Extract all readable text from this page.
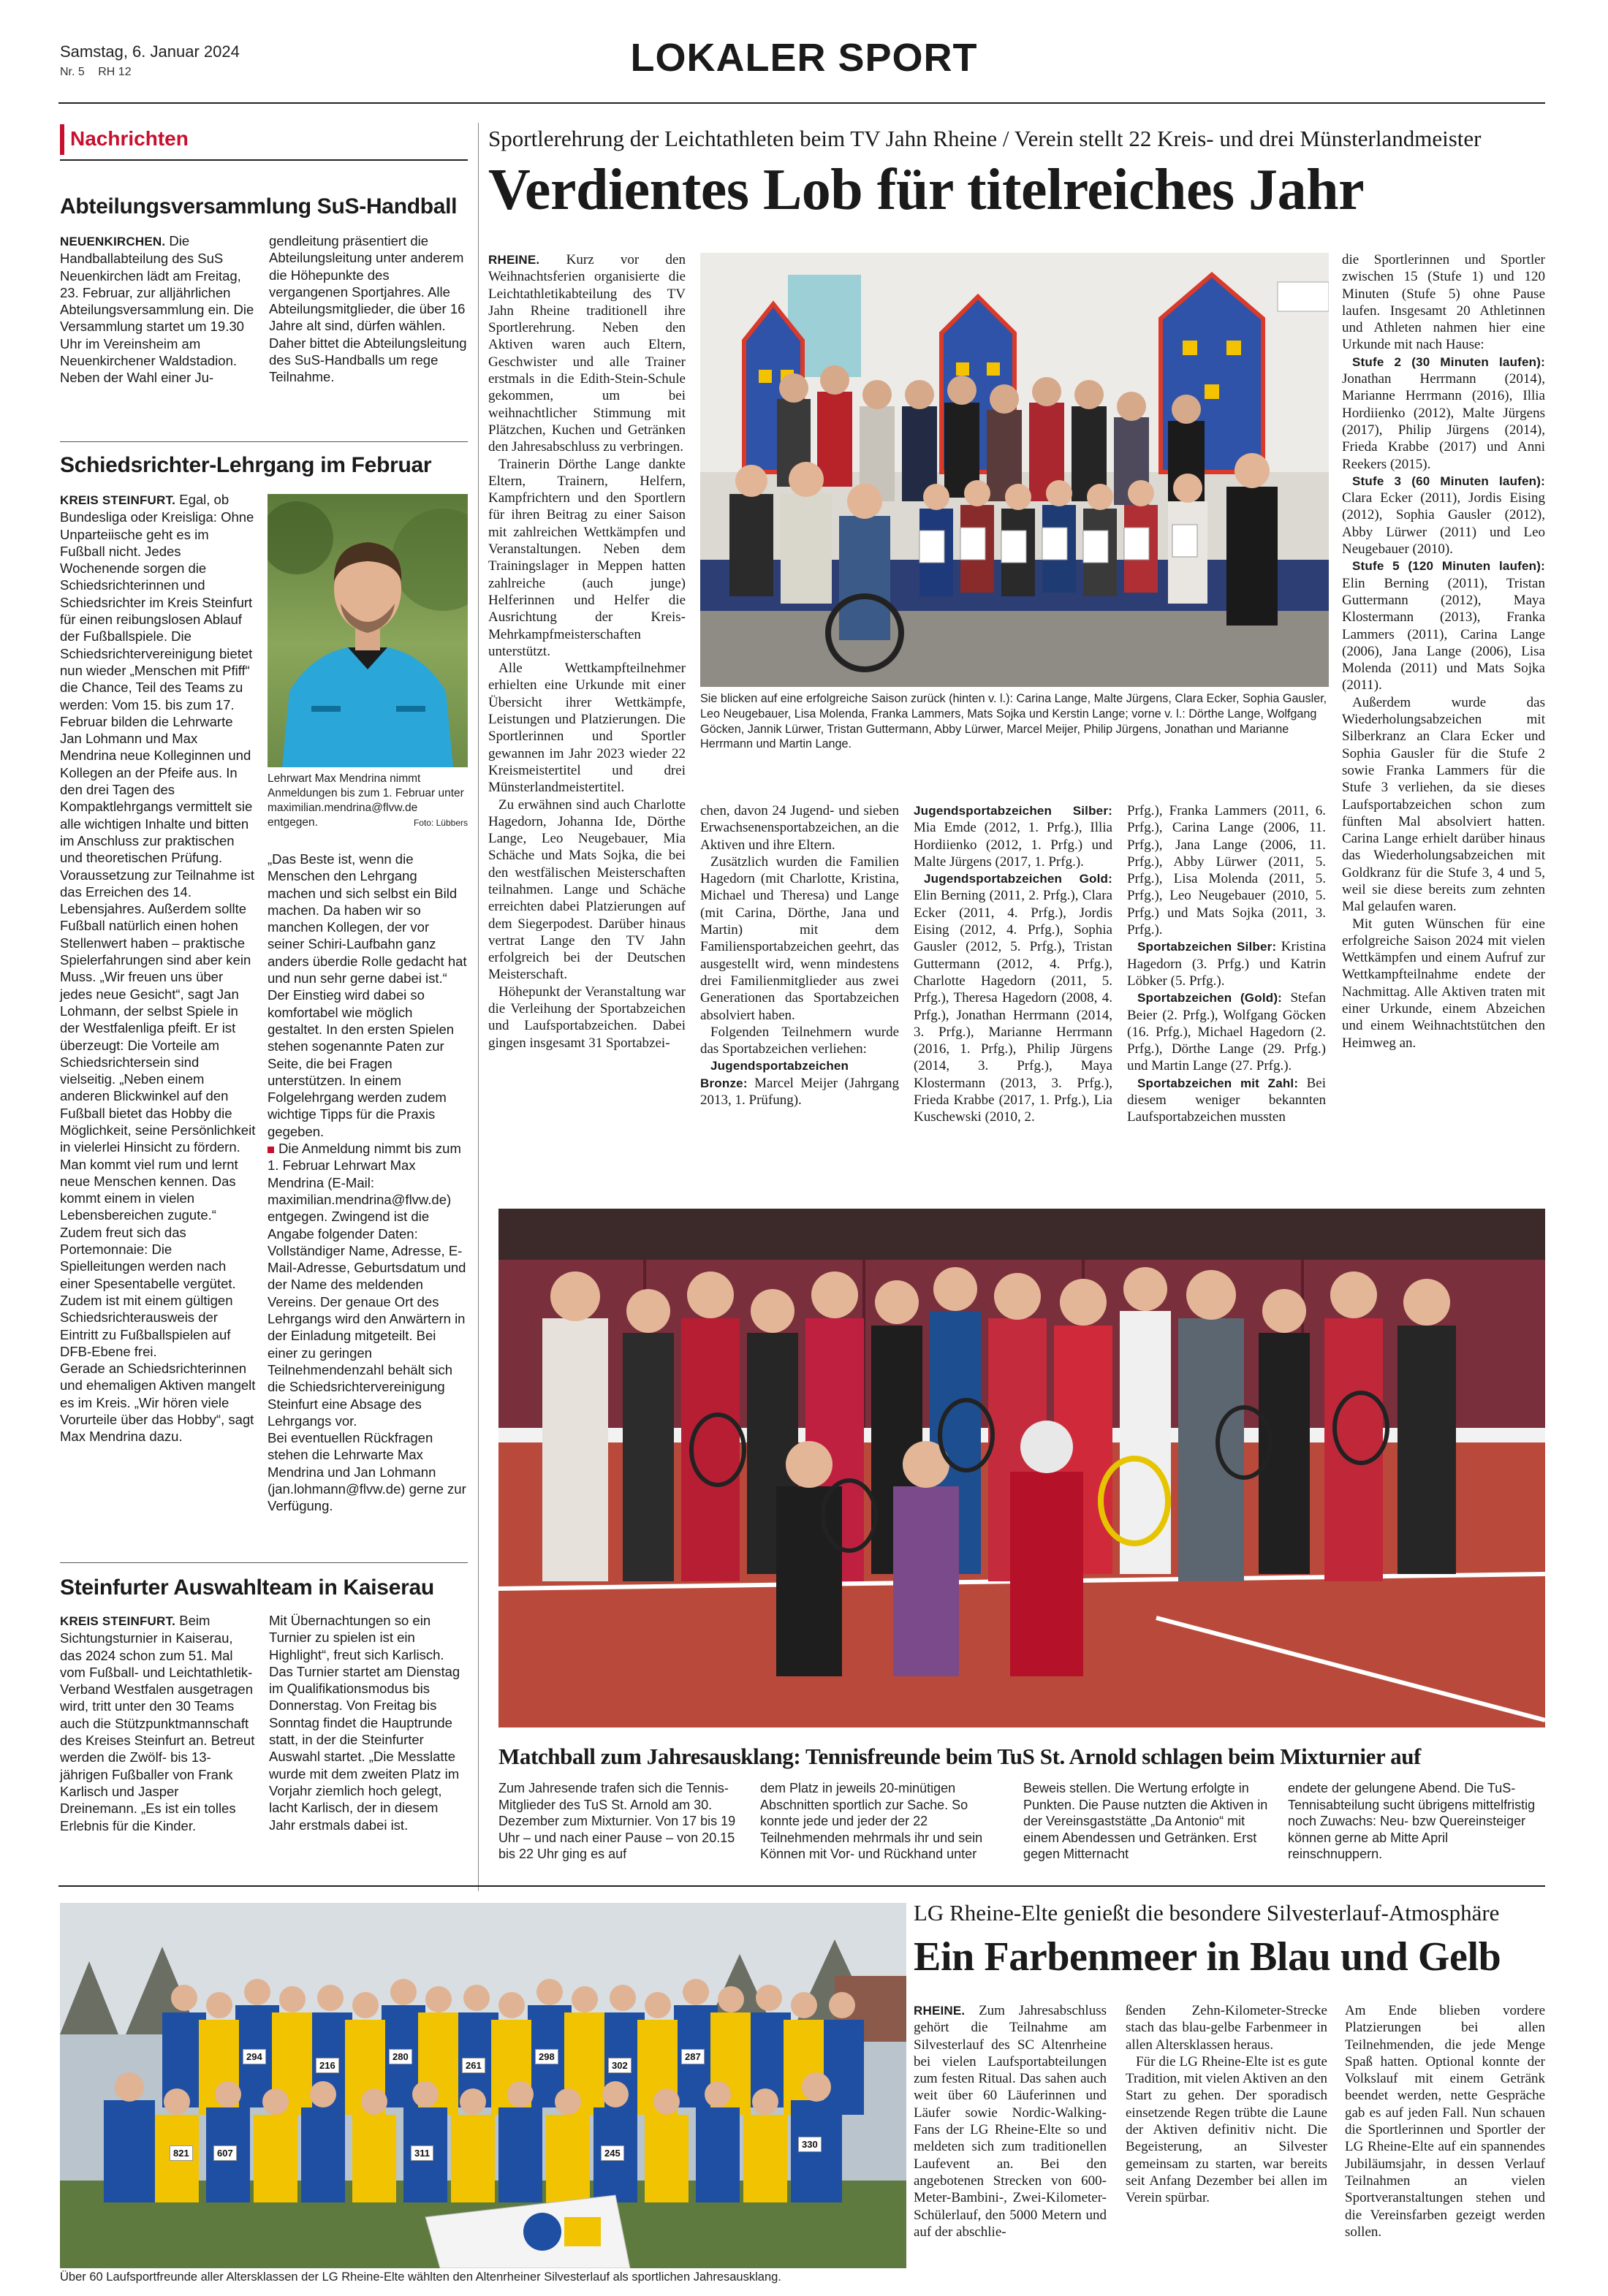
Samstag, 6. Januar 2024
Nr. 5 RH 12	LOKALER SPORT
Nachrichten
Abteilungsversammlung SuS-Handball

NEUENKIRCHEN. Die Handballabteilung des SuS Neuenkirchen lädt am Freitag, 23. Februar, zur alljährlichen Abteilungsversammlung ein. Die Versammlung startet um 19.30 Uhr im Vereinsheim am Neuenkirchener Waldstadion. Neben der Wahl einer Ju-

gendleitung präsentiert die Abteilungsleitung unter anderem die Höhepunkte des vergangenen Sportjahres. Alle Abteilungsmitglieder, die über 16 Jahre alt sind, dürfen wählen. Daher bittet die Abteilungsleitung des SuS-Handballs um rege Teilnahme.

Schiedsrichter-Lehrgang im Februar

KREIS STEINFURT. Egal, ob Bundesliga oder Kreisliga: Ohne Unparteiische geht es im Fußball nicht. Jedes Wochenende sorgen die Schiedsrichterinnen und Schiedsrichter im Kreis Steinfurt für einen reibungslosen Ablauf der Fußballspiele. Die Schiedsrichtervereinigung bietet nun wieder „Menschen mit Pfiff“ die Chance, Teil des Teams zu werden: Vom 15. bis zum 17. Februar bilden die Lehrwarte Jan Lohmann und Max Mendrina neue Kolleginnen und Kollegen an der Pfeife aus. In den drei Tagen des Kompaktlehrgangs vermittelt sie alle wichtigen Inhalte und bitten im Anschluss zur praktischen und theoretischen Prüfung.

Voraussetzung zur Teilnahme ist das Erreichen des 14. Lebensjahres. Außerdem sollte Fußball natürlich einen hohen Stellenwert haben – praktische Spielerfahrungen sind aber kein Muss. „Wir freuen uns über jedes neue Gesicht“, sagt Jan Lohmann, der selbst Spiele in der Westfalenliga pfeift. Er ist überzeugt: Die Vorteile am Schiedsrichtersein sind vielseitig. „Neben einem anderen Blickwinkel auf den Fußball bietet das Hobby die Möglichkeit, seine Persönlichkeit in vielerlei Hinsicht zu fördern. Man kommt viel rum und lernt neue Menschen kennen. Das kommt einem in vielen Lebensbereichen zugute.“ Zudem freut sich das Portemonnaie: Die Spielleitungen werden nach einer Spesentabelle vergütet. Zudem ist mit einem gültigen Schiedsrichterausweis der Eintritt zu Fußballspielen auf DFB-Ebene frei.

Gerade an Schiedsrichterinnen und ehemaligen Aktiven mangelt es im Kreis. „Wir hören viele Vorurteile über das Hobby“, sagt Max Mendrina dazu.

Lehrwart Max Mendrina nimmt Anmeldungen bis zum 1. Februar unter maximilian.mendrina@flvw.de entgegen.	Foto: Lübbers

„Das Beste ist, wenn die Menschen den Lehrgang machen und sich selbst ein Bild machen. Da haben wir so manchen Kollegen, der vor seiner Schiri-Laufbahn ganz anders überdie Rolle gedacht hat und nun sehr gerne dabei ist.“ Der Einstieg wird dabei so komfortabel wie möglich gestaltet. In den ersten Spielen stehen sogenannte Paten zur Seite, die bei Fragen unterstützen. In einem Folgelehrgang werden zudem wichtige Tipps für die Praxis gegeben.

Die Anmeldung nimmt bis zum 1. Februar Lehrwart Max Mendrina (E-Mail: maximilian.mendrina@flvw.de) entgegen. Zwingend ist die Angabe folgender Daten: Vollständiger Name, Adresse, E-Mail-Adresse, Geburtsdatum und der Name des meldenden Vereins. Der genaue Ort des Lehrgangs wird den Anwärtern in der Einladung mitgeteilt. Bei einer zu geringen Teilnehmendenzahl behält sich die Schiedsrichtervereinigung Steinfurt eine Absage des Lehrgangs vor.

Bei eventuellen Rückfragen stehen die Lehrwarte Max Mendrina und Jan Lohmann (jan.lohmann@flvw.de) gerne zur Verfügung.

Steinfurter Auswahlteam in Kaiserau

KREIS STEINFURT. Beim Sichtungsturnier in Kaiserau, das 2024 schon zum 51. Mal vom Fußball- und Leichtathletik-Verband Westfalen ausgetragen wird, tritt unter den 30 Teams auch die Stützpunktmannschaft des Kreises Steinfurt an. Betreut werden die Zwölf- bis 13-jährigen Fußballer von Frank Karlisch und Jasper Dreinemann. „Es ist ein tolles Erlebnis für die Kinder.

Mit Übernachtungen so ein Turnier zu spielen ist ein Highlight“, freut sich Karlisch. Das Turnier startet am Dienstag im Qualifikationsmodus bis Donnerstag. Von Freitag bis Sonntag findet die Hauptrunde statt, in der die Steinfurter Auswahl startet. „Die Messlatte wurde mit dem zweiten Platz im Vorjahr ziemlich hoch gelegt, lacht Karlisch, der in diesem Jahr erstmals dabei ist.

Sportlerehrung der Leichtathleten beim TV Jahn Rheine / Verein stellt 22 Kreis- und drei Münsterlandmeister
Verdientes Lob für titelreiches Jahr

RHEINE. Kurz vor den Weihnachtsferien organisierte die Leichtathletikabteilung des TV Jahn Rheine traditionell ihre Sportlerehrung. Neben den Aktiven waren auch Eltern, Geschwister und alle Trainer erstmals in die Edith-Stein-Schule gekommen, um bei weihnachtlicher Stimmung mit Plätzchen, Kuchen und Getränken den Jahresabschluss zu verbringen.

Trainerin Dörthe Lange dankte Eltern, Trainern, Helfern, Kampfrichtern und den Sportlern für ihren Beitrag zu einer Saison mit zahlreichen Wettkämpfen und Veranstaltungen. Neben dem Trainingslager in Meppen hatten zahlreiche (auch junge) Helferinnen und Helfer die Ausrichtung der Kreis-Mehrkampfmeisterschaften unterstützt.

Alle Wettkampfteilnehmer erhielten eine Urkunde mit einer Übersicht ihrer Wettkämpfe, Leistungen und Platzierungen. Die Sportlerinnen und Sportler gewannen im Jahr 2023 wieder 22 Kreismeistertitel und drei Münsterlandmeistertitel.

Zu erwähnen sind auch Charlotte Hagedorn, Johanna Ide, Dörthe Lange, Leo Neugebauer, Mia Schäche und Mats Sojka, die bei den westfälischen Meisterschaften teilnahmen. Lange und Schäche erreichten dabei Platzierungen auf dem Siegerpodest. Darüber hinaus vertrat Lange den TV Jahn erfolgreich bei der Deutschen Meisterschaft.

Höhepunkt der Veranstaltung war die Verleihung der Sportabzeichen und Laufsportabzeichen. Dabei gingen insgesamt 31 Sportabzei-

Sie blicken auf eine erfolgreiche Saison zurück (hinten v. l.): Carina Lange, Malte Jürgens, Clara Ecker, Sophia Gausler, Leo Neugebauer, Lisa Molenda, Franka Lammers, Mats Sojka und Kerstin Lange; vorne v. l.: Dörthe Lange, Wolfgang Göcken, Jannik Lürwer, Tristan Guttermann, Abby Lürwer, Marcel Meijer, Philip Jürgens, Jonathan und Marianne Herrmann und Martin Lange.

chen, davon 24 Jugend- und sieben Erwachsenensportabzeichen, an die Aktiven und ihre Eltern.

Zusätzlich wurden die Familien Hagedorn (mit Charlotte, Kristina, Michael und Theresa) und Lange (mit Carina, Dörthe, Jana und Martin) mit dem Familiensportabzeichen geehrt, das ausgestellt wird, wenn mindestens drei Familienmitglieder aus zwei Generationen das Sportabzeichen absolviert haben.

Folgenden Teilnehmern wurde das Sportabzeichen verliehen:

Jugendsportabzeichen Bronze: Marcel Meijer (Jahrgang 2013, 1. Prüfung).

Jugendsportabzeichen Silber: Mia Emde (2012, 1. Prfg.), Illia Hordiienko (2012, 1. Prfg.) und Malte Jürgens (2017, 1. Prfg.).

Jugendsportabzeichen Gold: Elin Berning (2011, 2. Prfg.), Clara Ecker (2011, 4. Prfg.), Jordis Eising (2012, 4. Prfg.), Sophia Gausler (2012, 5. Prfg.), Tristan Guttermann (2012, 4. Prfg.), Charlotte Hagedorn (2011, 5. Prfg.), Theresa Hagedorn (2008, 4. Prfg.), Jonathan Herrmann (2014, 3. Prfg.), Marianne Herrmann (2016, 1. Prfg.), Philip Jürgens (2014, 3. Prfg.), Maya Klostermann (2013, 3. Prfg.), Frieda Krabbe (2017, 1. Prfg.), Lia Kuschewski (2010, 2.

Prfg.), Franka Lammers (2011, 6. Prfg.), Carina Lange (2006, 11. Prfg.), Jana Lange (2006, 11. Prfg.), Abby Lürwer (2011, 5. Prfg.), Lisa Molenda (2011, 5. Prfg.), Leo Neugebauer (2010, 5. Prfg.) und Mats Sojka (2011, 3. Prfg.).

Sportabzeichen Silber: Kristina Hagedorn (3. Prfg.) und Katrin Löbker (5. Prfg.).

Sportabzeichen (Gold): Stefan Beier (2. Prfg.), Wolfgang Göcken (16. Prfg.), Michael Hagedorn (2. Prfg.), Dörthe Lange (29. Prfg.) und Martin Lange (27. Prfg.).

Sportabzeichen mit Zahl: Bei diesem weniger bekannten Laufsportabzeichen mussten

die Sportlerinnen und Sportler zwischen 15 (Stufe 1) und 120 Minuten (Stufe 5) ohne Pause laufen. Insgesamt 20 Athletinnen und Athleten nahmen hier eine Urkunde mit nach Hause:

Stufe 2 (30 Minuten laufen): Jonathan Herrmann (2014), Marianne Herrmann (2016), Illia Hordiienko (2012), Malte Jürgens (2017), Philip Jürgens (2014), Frieda Krabbe (2017) und Anni Reekers (2015).

Stufe 3 (60 Minuten laufen): Clara Ecker (2011), Jordis Eising (2012), Sophia Gausler (2012), Abby Lürwer (2011) und Leo Neugebauer (2010).

Stufe 5 (120 Minuten laufen): Elin Berning (2011), Tristan Guttermann (2012), Maya Klostermann (2013), Franka Lammers (2011), Carina Lange (2006), Jana Lange (2006), Lisa Molenda (2011) und Mats Sojka (2011).

Außerdem wurde das Wiederholungsabzeichen mit Silberkranz an Clara Ecker und Sophia Gausler für die Stufe 2 sowie Franka Lammers für die Stufe 3 verliehen, da sie dieses Laufsportabzeichen schon zum fünften Mal absolviert hatten. Carina Lange erhielt darüber hinaus das Wiederholungsabzeichen mit Goldkranz für die Stufe 3, 4 und 5, weil sie diese bereits zum zehnten Mal gelaufen waren.

Mit guten Wünschen für eine erfolgreiche Saison 2024 mit vielen Wettkämpfen und einem Aufruf zur Wettkampfteilnahme endete der Nachmittag. Alle Aktiven traten mit einer Urkunde, einem Abzeichen und einem Weihnachtstütchen den Heimweg an.

Matchball zum Jahresausklang: Tennisfreunde beim TuS St. Arnold schlagen beim Mixturnier auf
Zum Jahresende trafen sich die Tennis-Mitglieder des TuS St. Arnold am 30. Dezember zum Mixturnier. Von 17 bis 19 Uhr – und nach einer Pause – von 20.15 bis 22 Uhr ging es auf
dem Platz in jeweils 20-minütigen Abschnitten sportlich zur Sache. So konnte jede und jeder der 22 Teilnehmenden mehrmals ihr und sein Können mit Vor- und Rückhand unter
Beweis stellen. Die Wertung erfolgte in Punkten. Die Pause nutzten die Aktiven in der Vereinsgaststätte „Da Antonio“ mit einem Abendessen und Getränken. Erst gegen Mitternacht
endete der gelungene Abend. Die TuS-Tennisabteilung sucht übrigens mittelfristig noch Zuwachs: Neu- bzw Quereinsteiger können gerne ab Mitte April reinschnuppern.
821
294
216
280
261
298
302
287
607	311	245
330
Über 60 Laufsportfreunde aller Altersklassen der LG Rheine-Elte wählten den Altenrheiner Silvesterlauf als sportlichen Jahresausklang.
LG Rheine-Elte genießt die besondere Silvesterlauf-Atmosphäre
Ein Farbenmeer in Blau und Gelb

RHEINE. Zum Jahresabschluss gehört die Teilnahme am Silvesterlauf des SC Altenrheine bei vielen Laufsportabteilungen zum festen Ritual. Das sahen auch weit über 60 Läuferinnen und Läufer sowie Nordic-Walking-Fans der LG Rheine-Elte so und meldeten sich zum traditionellen Laufevent an. Bei den angebotenen Strecken von 600-Meter-Bambini-, Zwei-Kilometer-Schülerlauf, den 5000 Metern und auf der abschlie-

ßenden Zehn-Kilometer-Strecke stach das blau-gelbe Farbenmeer in allen Altersklassen heraus.

Für die LG Rheine-Elte ist es gute Tradition, mit vielen Aktiven an den Start zu gehen. Der sporadisch einsetzende Regen trübte die Laune der Aktiven definitiv nicht. Die Begeisterung, an Silvester gemeinsam zu starten, war bereits seit Anfang Dezember bei allen im Verein spürbar.

Am Ende blieben vordere Platzierungen bei allen Teilnehmenden, die jede Menge Spaß hatten. Optional konnte der Volkslauf mit einem Getränk beendet werden, nette Gespräche gab es auf jeden Fall. Nun schauen die Sportlerinnen und Sportler der LG Rheine-Elte auf ein spannendes Jubiläumsjahr, in dessen Verlauf Teilnahmen an vielen Sportveranstaltungen stehen und die Vereinsfarben gezeigt werden sollen.
